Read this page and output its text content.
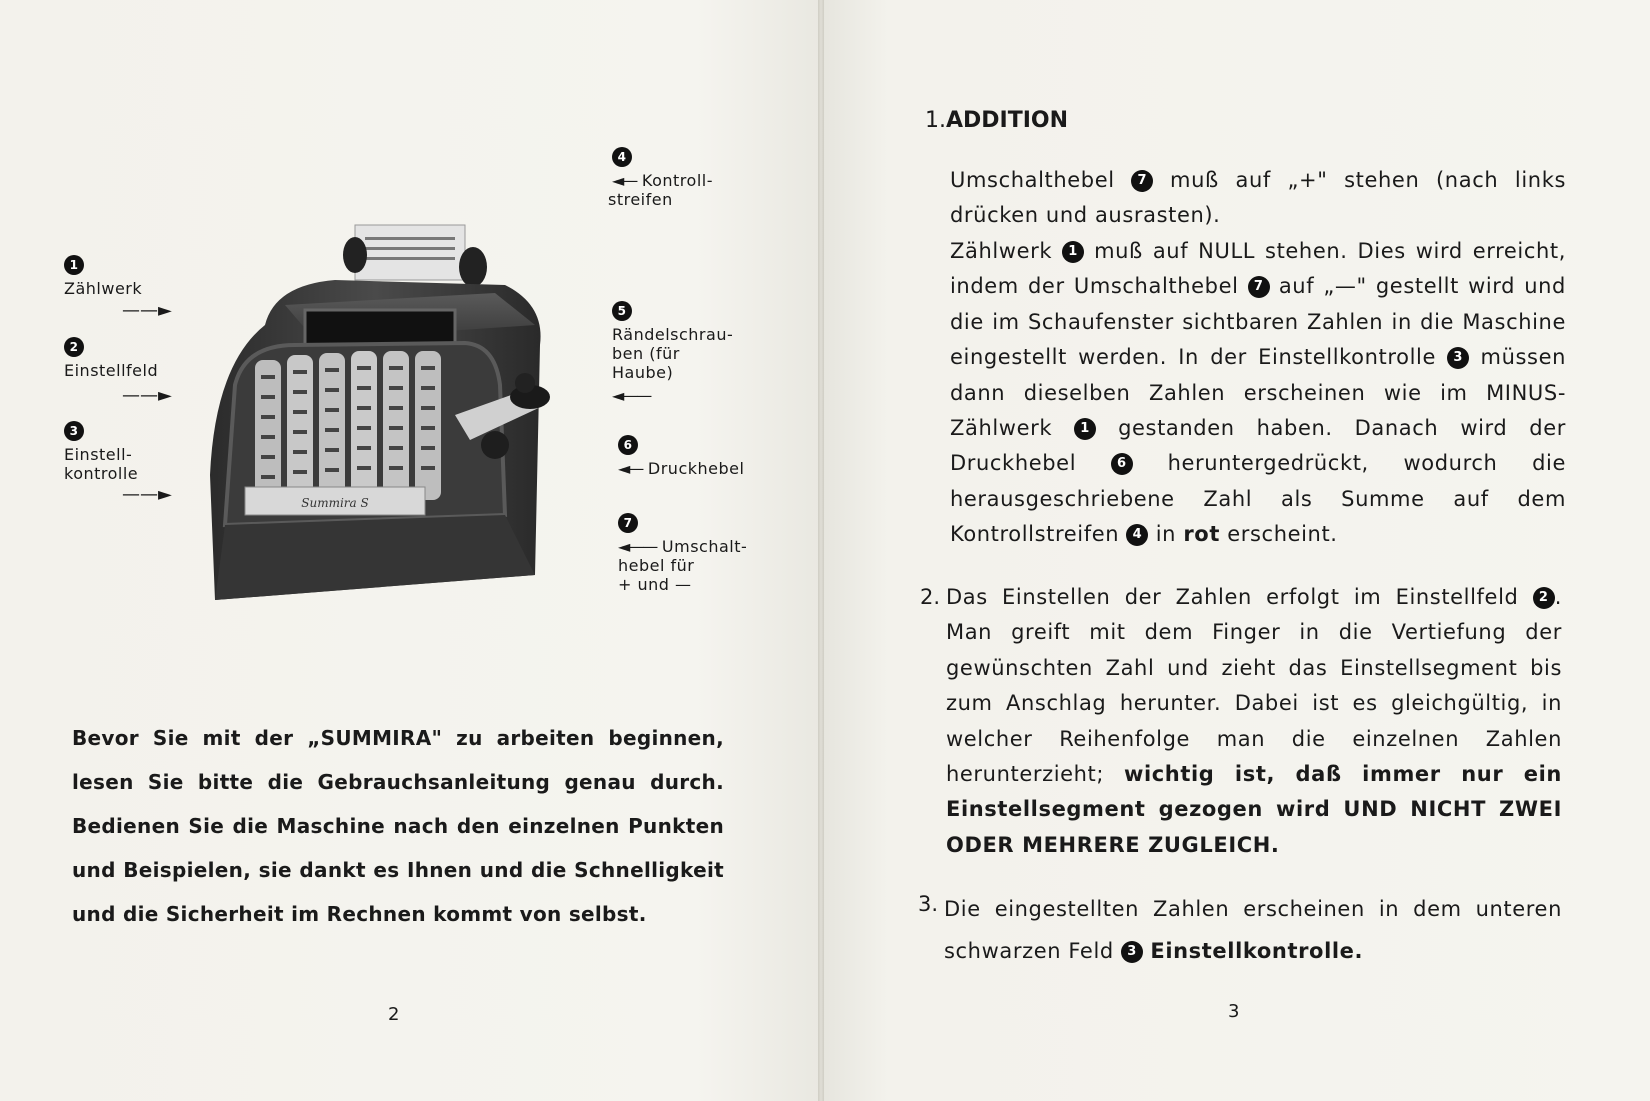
1
Zählwerk
——►
2
Einstellfeld
——►
3
Einstell-
kontrolle
——►
4
◄— Kontroll-
streifen
5
Rändelschrau-
ben (für
Haube)
◄——
6
◄— Druckhebel
7
◄—— Umschalt-
hebel für
+ und —
Summira S
Bevor Sie mit der „SUMMIRA" zu arbeiten beginnen, lesen Sie bitte die Gebrauchsanleitung genau durch. Bedienen Sie die Maschine nach den einzelnen Punkten und Beispielen, sie dankt es Ihnen und die Schnelligkeit und die Sicherheit im Rechnen kommt von selbst.
2
1.ADDITION
Umschalthebel 7 muß auf „+" stehen (nach links drücken und ausrasten).
Zählwerk 1 muß auf NULL stehen. Dies wird erreicht, indem der Umschalthebel 7 auf „—" gestellt wird und die im Schaufenster sichtbaren Zahlen in die Maschine eingestellt werden. In der Einstellkontrolle 3 müssen dann dieselben Zahlen erscheinen wie im MINUS-Zählwerk 1 gestanden haben. Danach wird der Druckhebel	6 heruntergedrückt, wodurch die herausgeschriebene Zahl als Summe auf dem Kontrollstreifen 4 in rot erscheint.
2. Das Einstellen der Zahlen erfolgt im Einstellfeld 2 . Man greift mit dem Finger in die Vertiefung der gewünschten Zahl und zieht das Einstellsegment bis zum Anschlag herunter. Dabei ist es gleichgültig, in welcher Reihenfolge man die einzelnen Zahlen herunterzieht; wichtig ist, daß immer nur ein Einstellsegment gezogen wird UND NICHT ZWEI ODER MEHRERE ZUGLEICH.
3. Die eingestellten Zahlen erscheinen in dem unteren schwarzen Feld 3 Einstellkontrolle.
3
